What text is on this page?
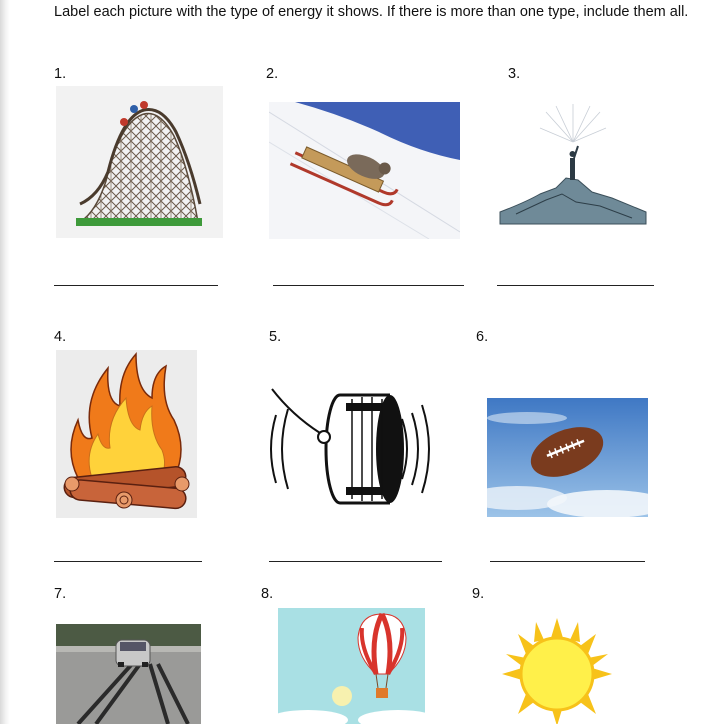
Label each picture with the type of energy it shows. If there is more than one type, include them all.

1.	2.	3.
4.	5.	6.
7.	8.	9.
